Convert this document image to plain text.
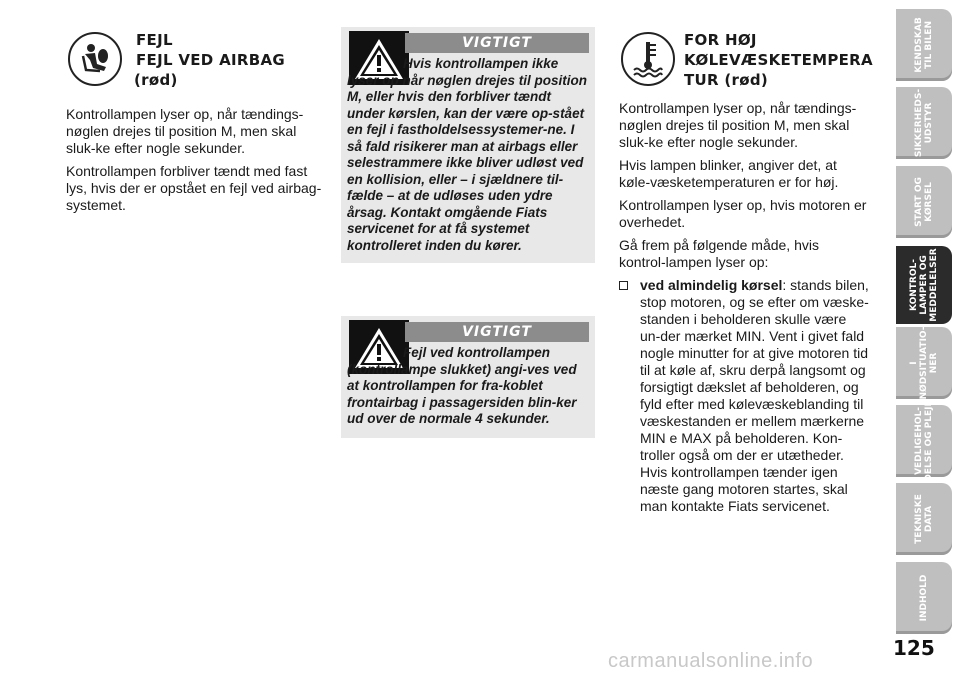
FEJL
FEJL VED AIRBAG
(rød)

Kontrollampen lyser op, når tændings-nøglen drejes til position M, men skal sluk-ke efter nogle sekunder.

Kontrollampen forbliver tændt med fast lys, hvis der er opstået en fejl ved airbag-systemet.

VIGTIGT
Hvis kontrollampen ikke lyser op når nøglen drejes til position M, eller hvis den forbliver tændt under kørslen, kan der være op-stået en fejl i fastholdelsessystemer-ne. I så fald risikerer man at airbags eller selestrammere ikke bliver udløst ved en kollision, eller – i sjældnere til-fælde – at de udløses uden ydre årsag. Kontakt omgående Fiats servicenet for at få systemet kontrolleret inden du kører.
VIGTIGT
Fejl ved kontrollampen (kontrollampe slukket) angi-ves ved at kontrollampen for fra-koblet frontairbag i passagersiden blin-ker ud over de normale 4 sekunder.
FOR HØJ
KØLEVÆSKETEMPERA
TUR (rød)

Kontrollampen lyser op, når tændings-nøglen drejes til position M, men skal sluk-ke efter nogle sekunder.

Hvis lampen blinker, angiver det, at køle-væsketemperaturen er for høj.

Kontrollampen lyser op, hvis motoren er overhedet.

Gå frem på følgende måde, hvis kontrol-lampen lyser op:

ved almindelig kørsel: stands bilen, stop motoren, og se efter om væske-standen i beholderen skulle være un-der mærket MIN. Vent i givet fald nogle minutter for at give motoren tid til at køle af, skru derpå langsomt og forsigtigt dækslet af beholderen, og fyld efter med kølevæskeblanding til væskestanden er mellem mærkerne MIN e MAX på beholderen. Kon-troller også om der er utætheder. Hvis kontrollampen tænder igen næste gang motoren startes, skal man kontakte Fiats servicenet.
KENDSKAB
TIL BILEN
SIKKERHEDS-
UDSTYR
START OG
KØRSEL
KONTROL-
LAMPER OG
MEDDELELSER
I
NØDSITUATIO-
NER
VEDLIGEHOL-
DELSE OG PLEJE
TEKNISKE
DATA
INDHOLD
125
carmanualsonline.info
